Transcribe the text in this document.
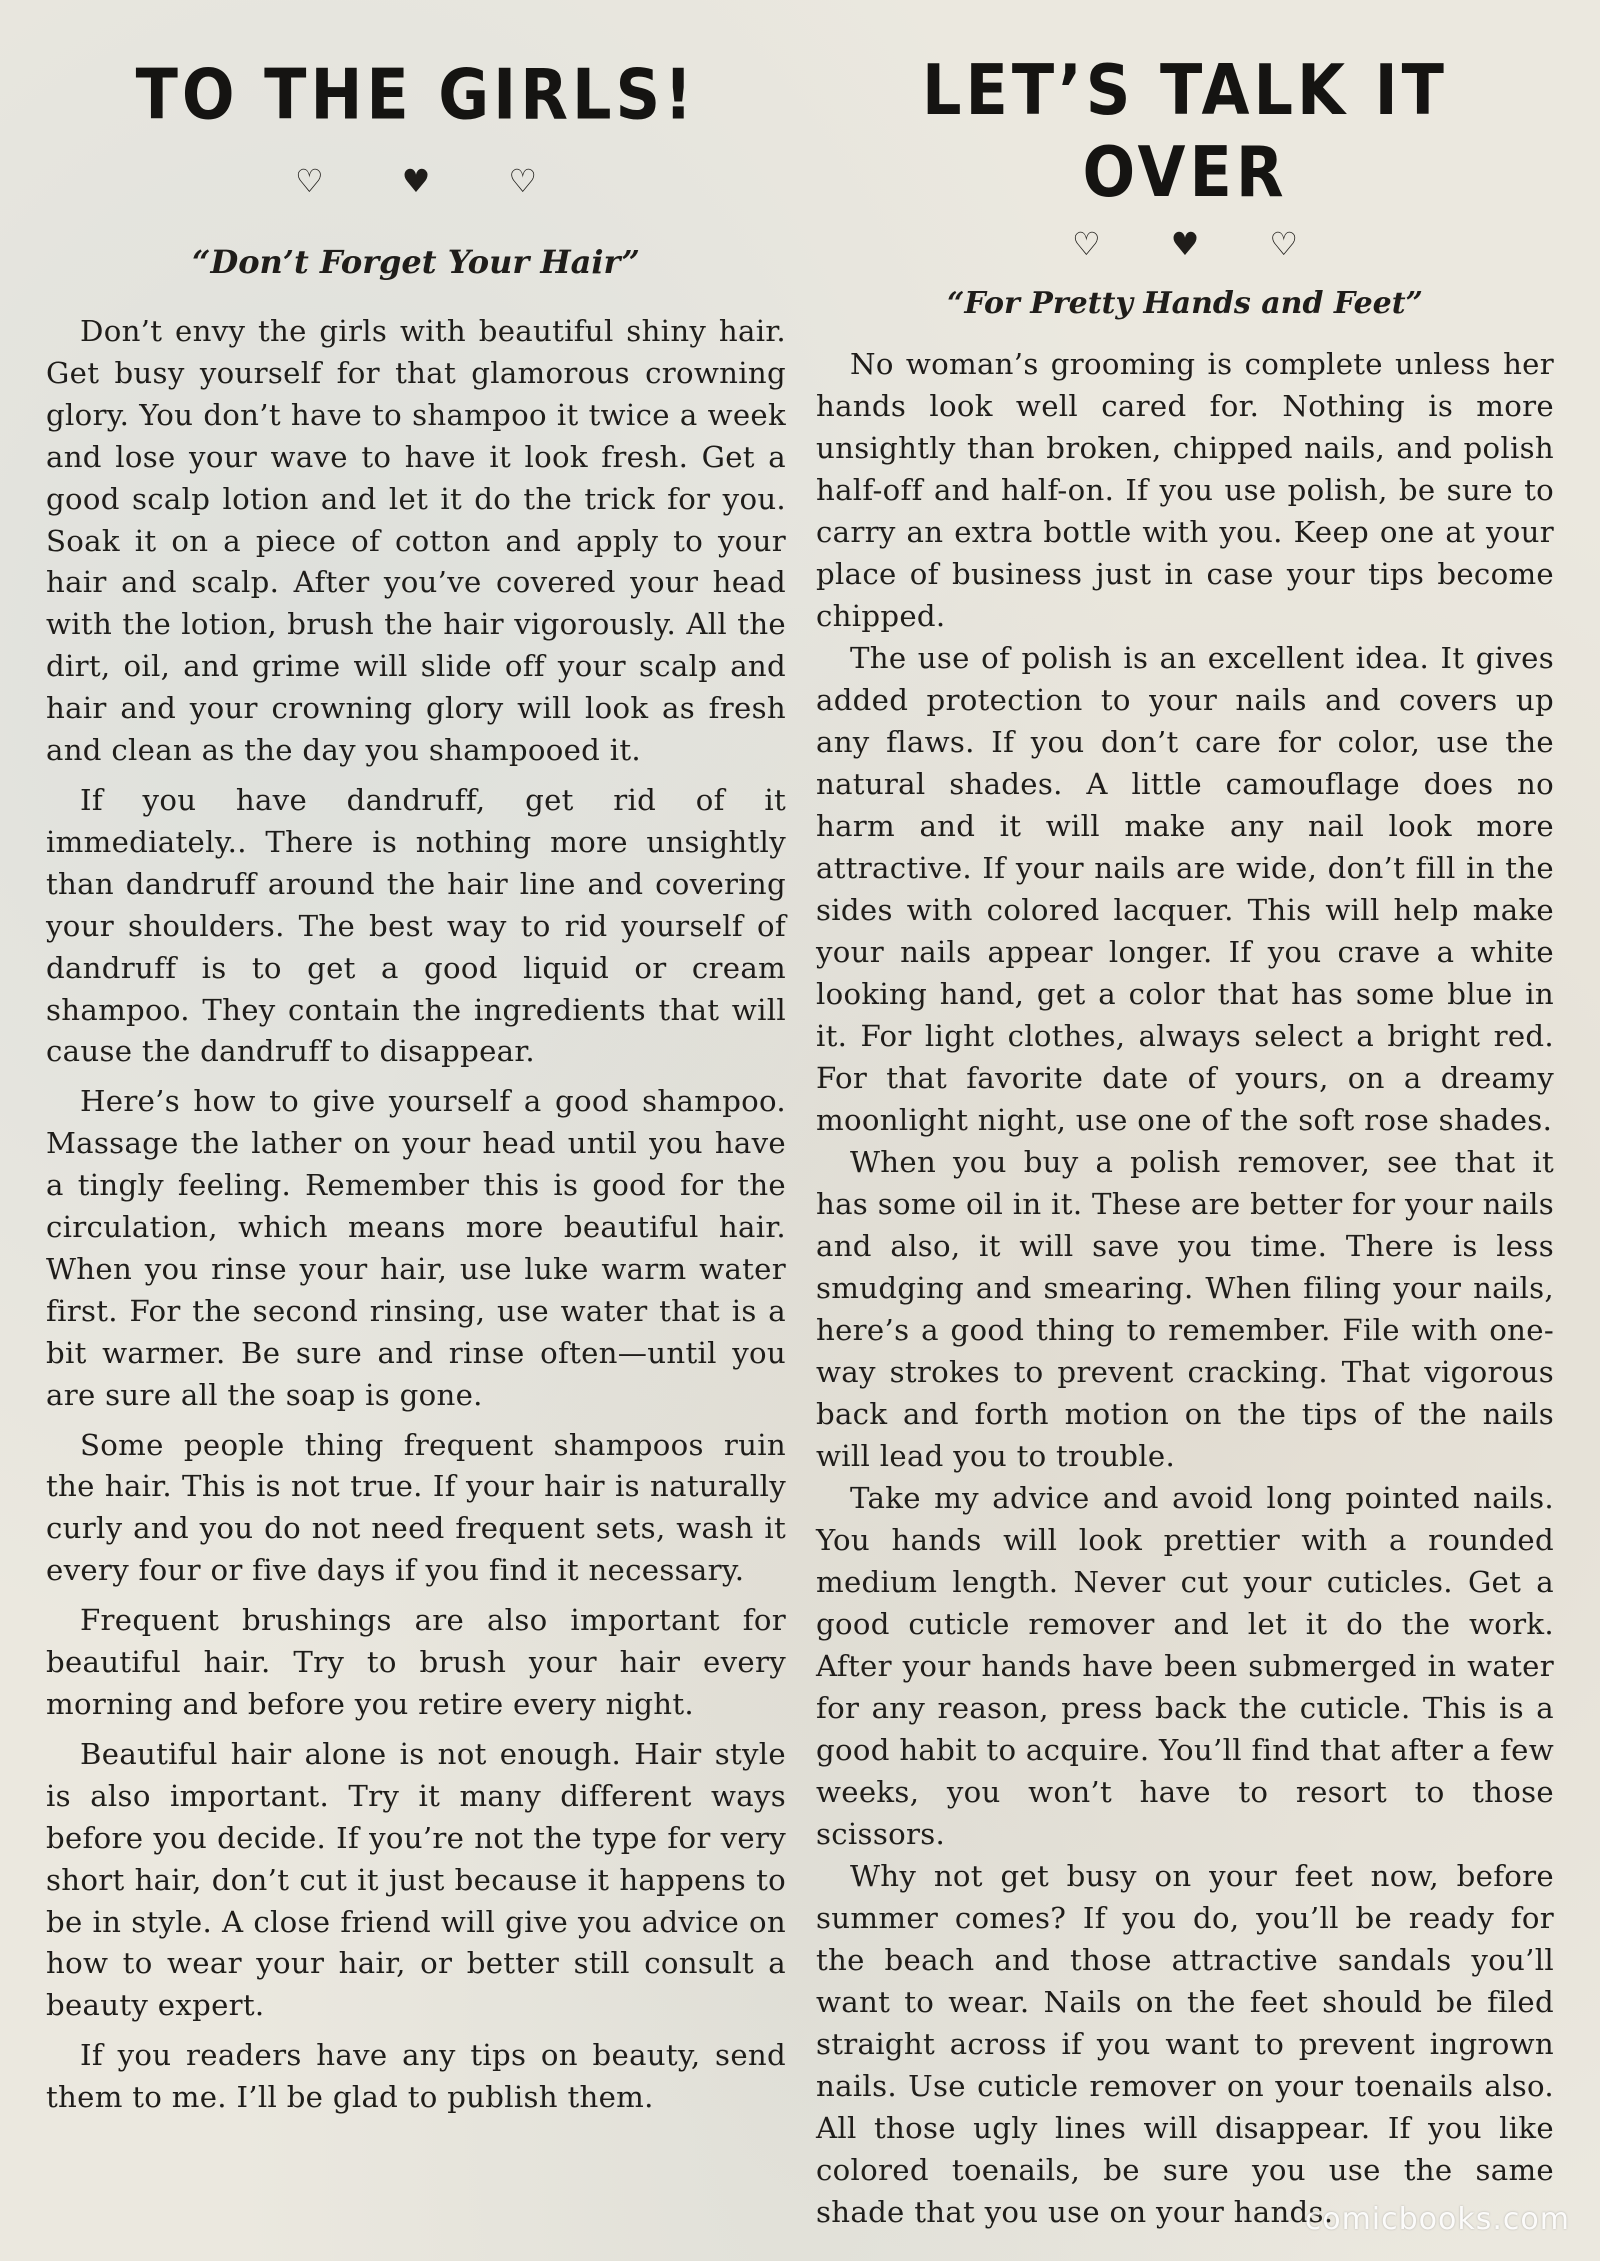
TO THE GIRLS!
♡ ♥ ♡
“Don’t Forget Your Hair”

Don’t envy the girls with beautiful shiny hair. Get busy yourself for that glamorous crowning glory. You don’t have to shampoo it twice a week and lose your wave to have it look fresh. Get a good scalp lotion and let it do the trick for you. Soak it on a piece of cotton and apply to your hair and scalp. After you’ve covered your head with the lotion, brush the hair vigorously. All the dirt, oil, and grime will slide off your scalp and hair and your crowning glory will look as fresh and clean as the day you shampooed it.

If you have dandruff, get rid of it immediately.. There is nothing more unsightly than dandruff around the hair line and covering your shoulders. The best way to rid yourself of dandruff is to get a good liquid or cream shampoo. They contain the ingredients that will cause the dandruff to disappear.

Here’s how to give yourself a good shampoo. Massage the lather on your head until you have a tingly feeling. Remember this is good for the circulation, which means more beautiful hair. When you rinse your hair, use luke warm water first. For the second rinsing, use water that is a bit warmer. Be sure and rinse often—until you are sure all the soap is gone.

Some people thing frequent shampoos ruin the hair. This is not true. If your hair is naturally curly and you do not need frequent sets, wash it every four or five days if you find it necessary.

Frequent brushings are also important for beautiful hair. Try to brush your hair every morning and before you retire every night.

Beautiful hair alone is not enough. Hair style is also important. Try it many different ways before you decide. If you’re not the type for very short hair, don’t cut it just because it happens to be in style. A close friend will give you advice on how to wear your hair, or better still consult a beauty expert.

If you readers have any tips on beauty, send them to me. I’ll be glad to publish them.

LET’S TALK IT OVER
♡ ♥ ♡
“For Pretty Hands and Feet”

No woman’s grooming is complete unless her hands look well cared for. Nothing is more unsightly than broken, chipped nails, and polish half-off and half-on. If you use polish, be sure to carry an extra bottle with you. Keep one at your place of business just in case your tips become chipped.

The use of polish is an excellent idea. It gives added protection to your nails and covers up any flaws. If you don’t care for color, use the natural shades. A little camouflage does no harm and it will make any nail look more attractive. If your nails are wide, don’t fill in the sides with colored lacquer. This will help make your nails appear longer. If you crave a white looking hand, get a color that has some blue in it. For light clothes, always select a bright red. For that favorite date of yours, on a dreamy moonlight night, use one of the soft rose shades.

When you buy a polish remover, see that it has some oil in it. These are better for your nails and also, it will save you time. There is less smudging and smearing. When filing your nails, here’s a good thing to remember. File with one-way strokes to prevent cracking. That vigorous back and forth motion on the tips of the nails will lead you to trouble.

Take my advice and avoid long pointed nails. You hands will look prettier with a rounded medium length. Never cut your cuticles. Get a good cuticle remover and let it do the work. After your hands have been submerged in water for any reason, press back the cuticle. This is a good habit to acquire. You’ll find that after a few weeks, you won’t have to resort to those scissors.

Why not get busy on your feet now, before summer comes? If you do, you’ll be ready for the beach and those attractive sandals you’ll want to wear. Nails on the feet should be filed straight across if you want to prevent ingrown nails. Use cuticle remover on your toenails also. All those ugly lines will disappear. If you like colored toenails, be sure you use the same shade that you use on your hands.

comicbooks.com
